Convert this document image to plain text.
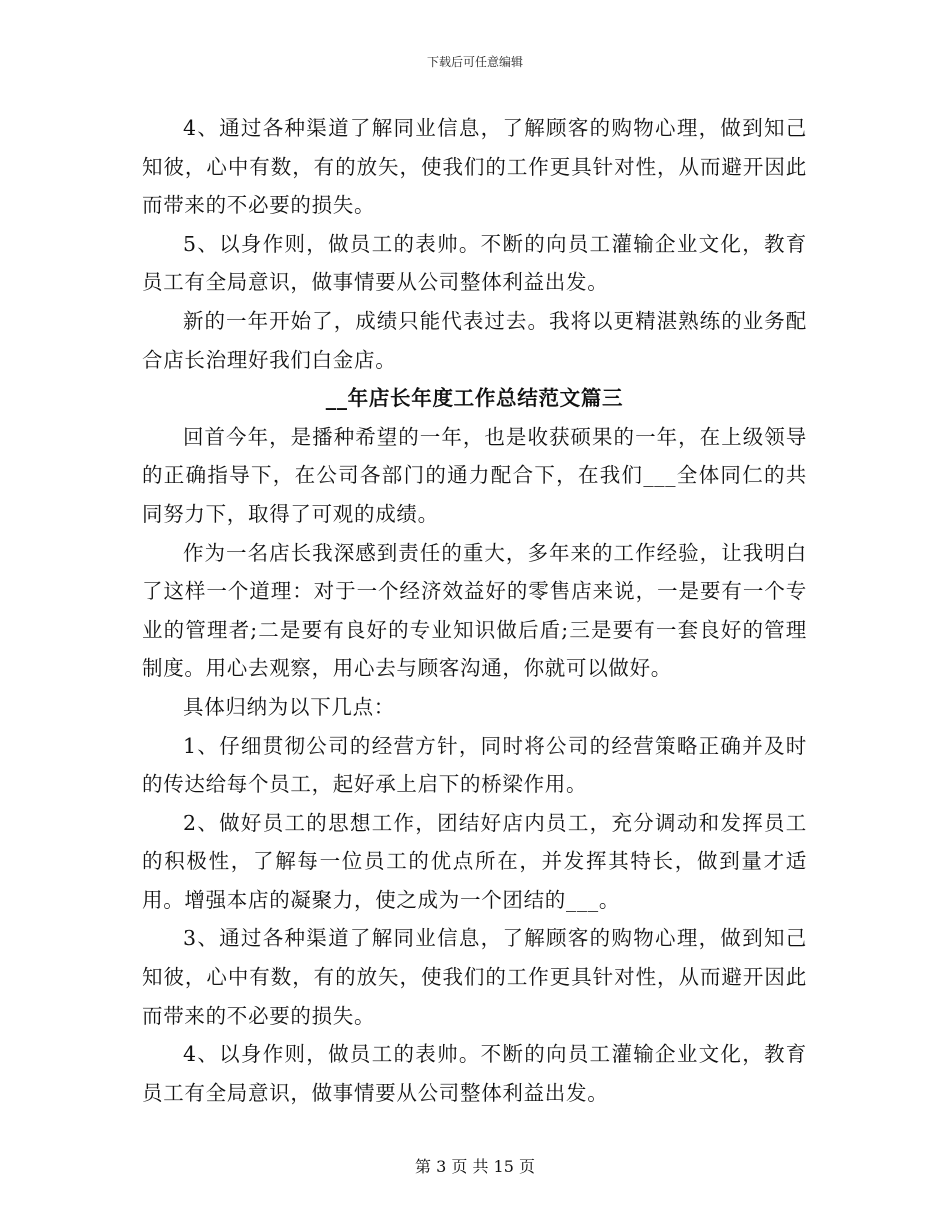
下载后可任意编辑

4、通过各种渠道了解同业信息，了解顾客的购物心理，做到知己知彼，心中有数，有的放矢，使我们的工作更具针对性，从而避开因此而带来的不必要的损失。

5、以身作则，做员工的表帅。不断的向员工灌输企业文化，教育员工有全局意识，做事情要从公司整体利益出发。

新的一年开始了，成绩只能代表过去。我将以更精湛熟练的业务配合店长治理好我们白金店。

__年店长年度工作总结范文篇三

回首今年，是播种希望的一年，也是收获硕果的一年，在上级领导的正确指导下，在公司各部门的通力配合下，在我们___全体同仁的共同努力下，取得了可观的成绩。

作为一名店长我深感到责任的重大，多年来的工作经验，让我明白了这样一个道理：对于一个经济效益好的零售店来说，一是要有一个专业的管理者;二是要有良好的专业知识做后盾;三是要有一套良好的管理制度。用心去观察，用心去与顾客沟通，你就可以做好。

具体归纳为以下几点：

1、仔细贯彻公司的经营方针，同时将公司的经营策略正确并及时的传达给每个员工，起好承上启下的桥梁作用。

2、做好员工的思想工作，团结好店内员工，充分调动和发挥员工的积极性，了解每一位员工的优点所在，并发挥其特长，做到量才适用。增强本店的凝聚力，使之成为一个团结的___。

3、通过各种渠道了解同业信息，了解顾客的购物心理，做到知己知彼，心中有数，有的放矢，使我们的工作更具针对性，从而避开因此而带来的不必要的损失。

4、以身作则，做员工的表帅。不断的向员工灌输企业文化，教育员工有全局意识，做事情要从公司整体利益出发。

第 3 页 共 15 页
